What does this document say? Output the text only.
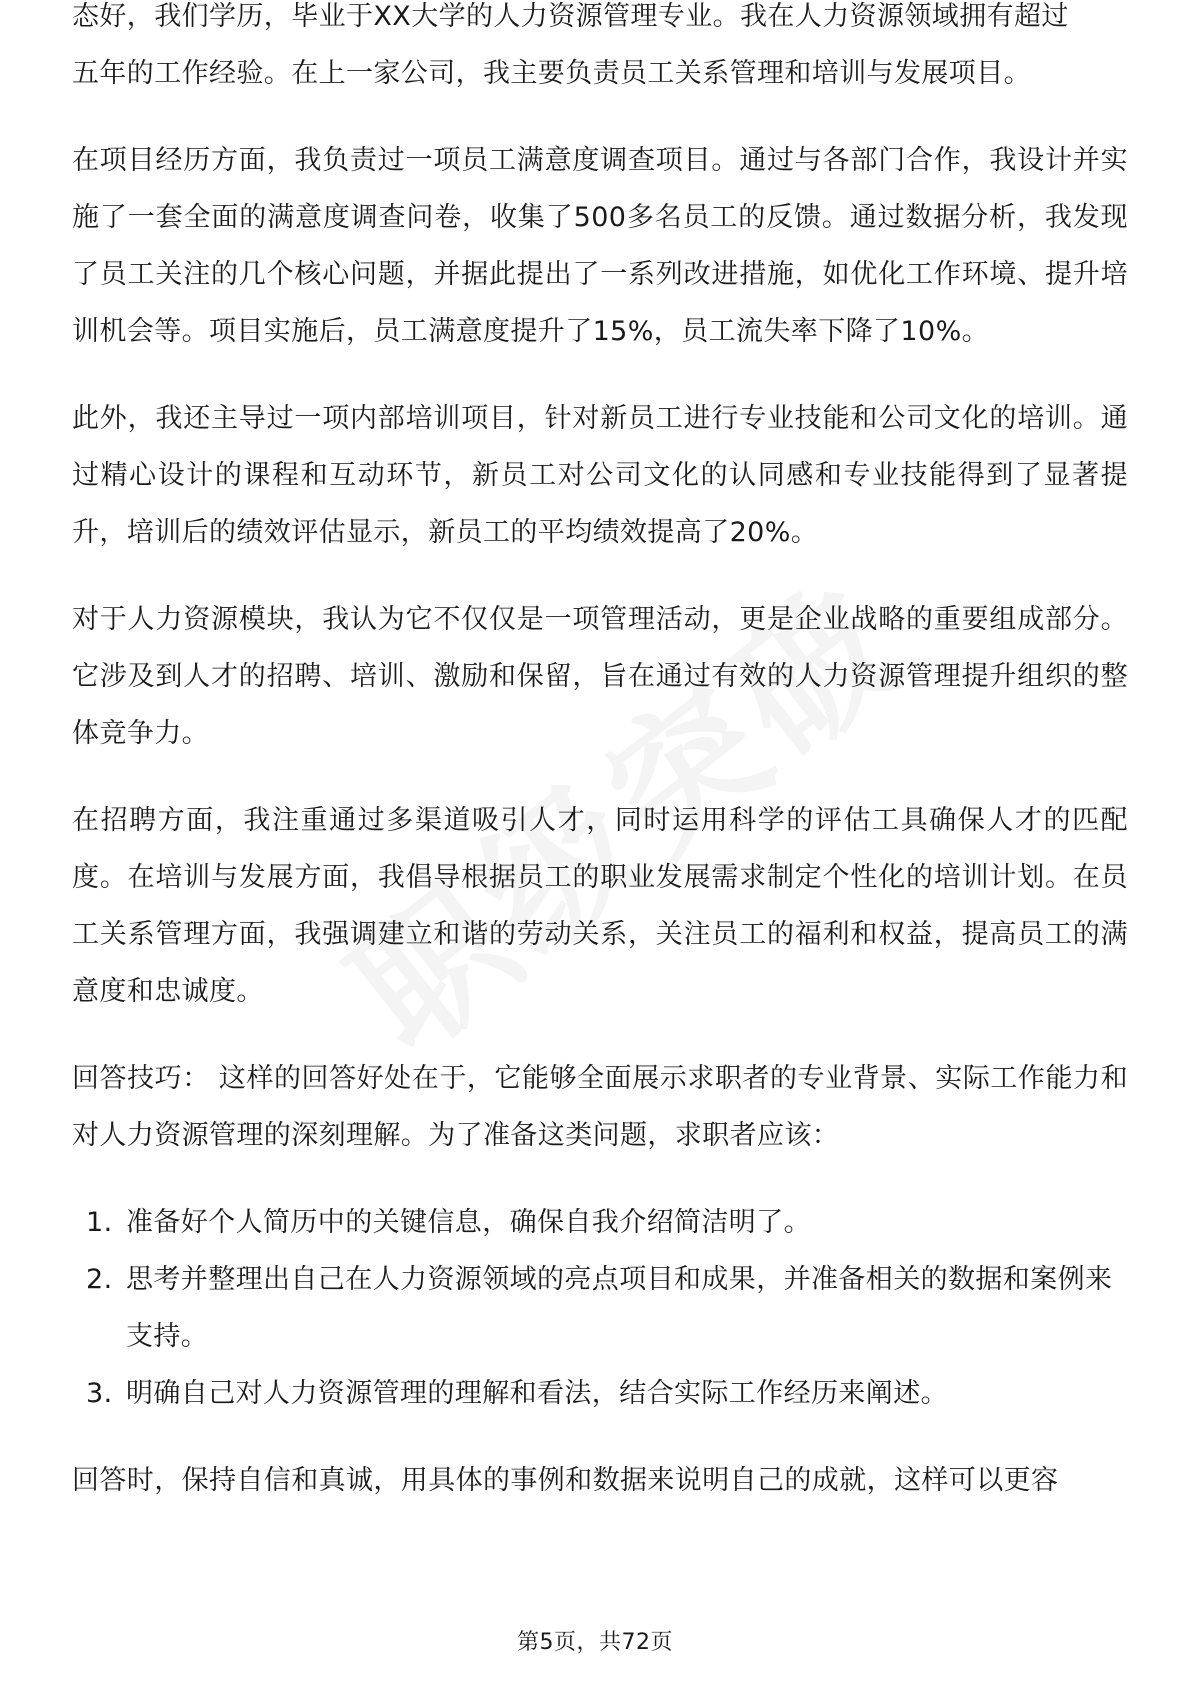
态好，我们学历，毕业于XX大学的人力资源管理专业。我在人力资源领域拥有超过
五年的工作经验。在上一家公司，我主要负责员工关系管理和培训与发展项目。

在项目经历方面，我负责过一项员工满意度调查项目。通过与各部门合作，我设计并实施了一套全面的满意度调查问卷，收集了500多名员工的反馈。通过数据分析，我发现了员工关注的几个核心问题，并据此提出了一系列改进措施，如优化工作环境、提升培训机会等。项目实施后，员工满意度提升了15%，员工流失率下降了10%。

此外，我还主导过一项内部培训项目，针对新员工进行专业技能和公司文化的培训。通过精心设计的课程和互动环节，新员工对公司文化的认同感和专业技能得到了显著提升，培训后的绩效评估显示，新员工的平均绩效提高了20%。

对于人力资源模块，我认为它不仅仅是一项管理活动，更是企业战略的重要组成部分。它涉及到人才的招聘、培训、激励和保留，旨在通过有效的人力资源管理提升组织的整体竞争力。

在招聘方面，我注重通过多渠道吸引人才，同时运用科学的评估工具确保人才的匹配度。在培训与发展方面，我倡导根据员工的职业发展需求制定个性化的培训计划。在员工关系管理方面，我强调建立和谐的劳动关系，关注员工的福利和权益，提高员工的满意度和忠诚度。

回答技巧： 这样的回答好处在于，它能够全面展示求职者的专业背景、实际工作能力和对人力资源管理的深刻理解。为了准备这类问题，求职者应该：

1. 准备好个人简历中的关键信息，确保自我介绍简洁明了。
2. 思考并整理出自己在人力资源领域的亮点项目和成果，并准备相关的数据和案例来支持。
3. 明确自己对人力资源管理的理解和看法，结合实际工作经历来阐述。

回答时，保持自信和真诚，用具体的事例和数据来说明自己的成就，这样可以更容

第5页，共72页
